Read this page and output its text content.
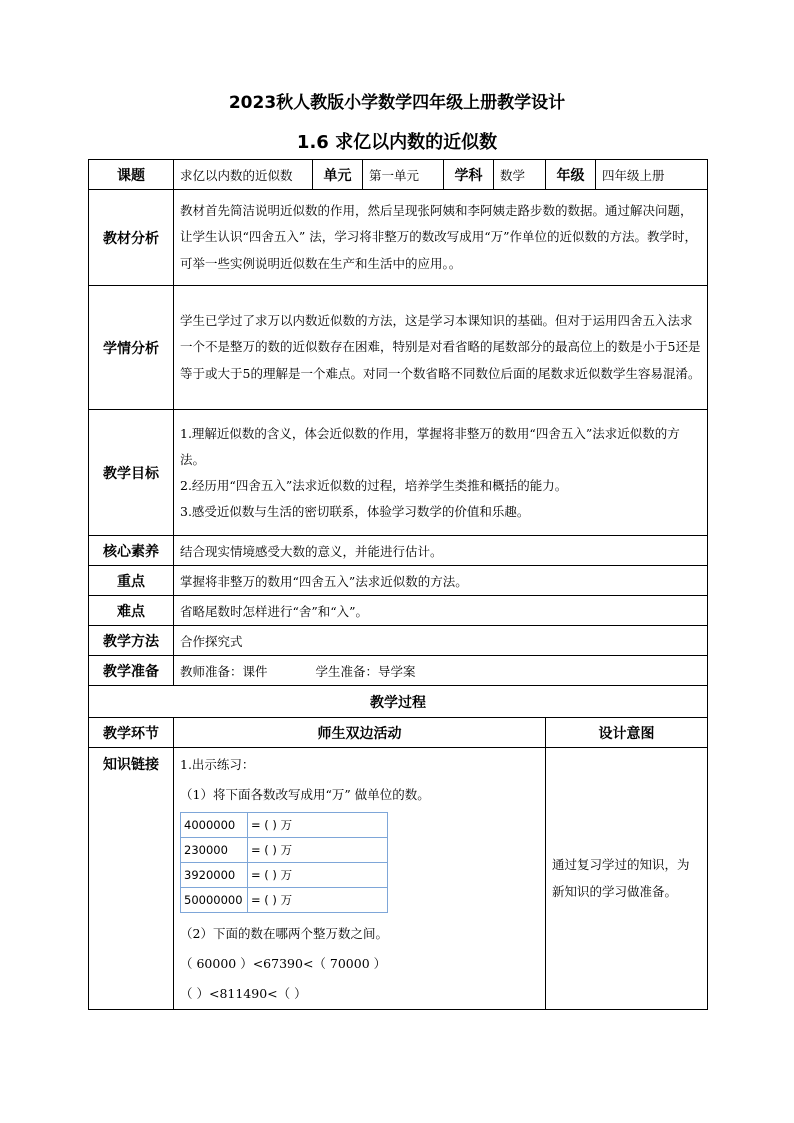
2023秋人教版小学数学四年级上册教学设计
1.6 求亿以内数的近似数
课题	求亿以内数的近似数	单元	第一单元	学科	数学	年级	四年级上册
教材分析	教材首先简洁说明近似数的作用，然后呈现张阿姨和李阿姨走路步数的数据。通过解决问题，让学生认识“四舍五入” 法，学习将非整万的数改写成用“万”作单位的近似数的方法。教学时，可举一些实例说明近似数在生产和生活中的应用。。
学情分析	学生已学过了求万以内数近似数的方法，这是学习本课知识的基础。但对于运用四舍五入法求一个不是整万的数的近似数存在困难，特别是对看省略的尾数部分的最高位上的数是小于5还是等于或大于5的理解是一个难点。对同一个数省略不同数位后面的尾数求近似数学生容易混淆。
教学目标	
1.理解近似数的含义，体会近似数的作用，掌握将非整万的数用“四舍五入”法求近似数的方法。
2.经历用“四舍五入”法求近似数的过程，培养学生类推和概括的能力。
3.感受近似数与生活的密切联系，体验学习数学的价值和乐趣。

核心素养	结合现实情境感受大数的意义，并能进行估计。
重点	掌握将非整万的数用“四舍五入”法求近似数的方法。
难点	省略尾数时怎样进行“舍”和“入”。
教学方法	合作探究式
教学准备	教师准备：课件	学生准备：导学案
教学过程
教学环节	师生双边活动	设计意图
知识链接	1.出示练习：
（1）将下面各数改写成用“万” 做单位的数。
4000000	= ( ) 万
230000	= ( ) 万
3920000	= ( ) 万
50000000	= ( ) 万
（2）下面的数在哪两个整万数之间。
（ 60000 ）<67390<（ 70000 ）
（ ）<811490<（ ）
	通过复习学过的知识，为新知识的学习做准备。
